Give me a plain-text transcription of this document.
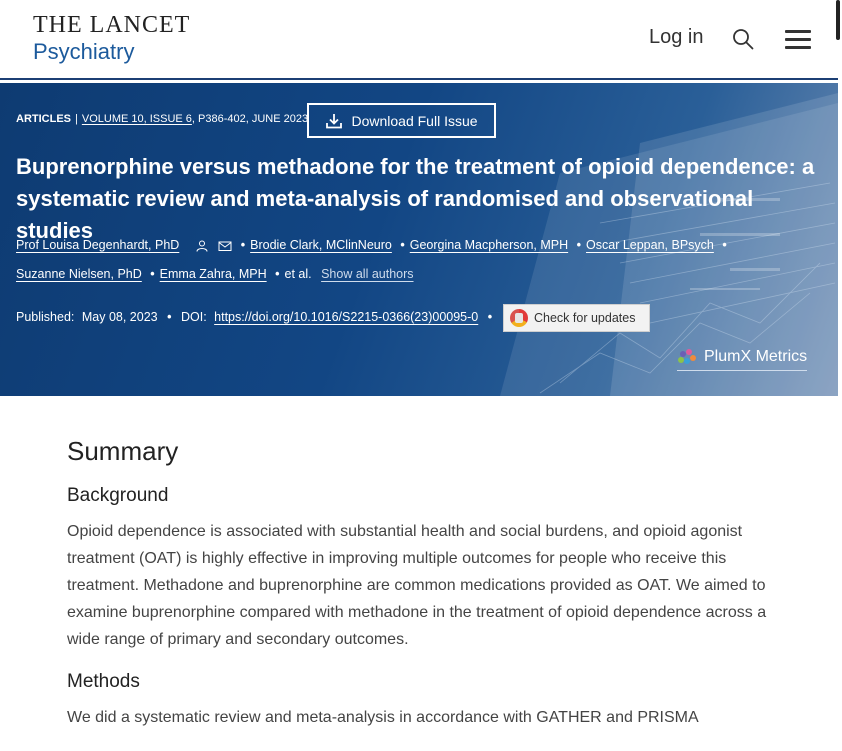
THE LANCET
Psychiatry
Log in
ARTICLES | VOLUME 10, ISSUE 6, P386-402, JUNE 2023	Download Full Issue
Buprenorphine versus methadone for the treatment of opioid dependence: a systematic review and meta-analysis of randomised and observational studies
Prof Louisa Degenhardt, PhD	• Brodie Clark, MClinNeuro • Georgina Macpherson, MPH • Oscar Leppan, BPsych •
Suzanne Nielsen, PhD • Emma Zahra, MPH • et al. Show all authors
Published: May 08, 2023 • DOI: https://doi.org/10.1016/S2215-0366(23)00095-0 •	Check for updates
PlumX Metrics
Summary
Background

Opioid dependence is associated with substantial health and social burdens, and opioid agonist treatment (OAT) is highly effective in improving multiple outcomes for people who receive this treatment. Methadone and buprenorphine are common medications provided as OAT. We aimed to examine buprenorphine compared with methadone in the treatment of opioid dependence across a wide range of primary and secondary outcomes.

Methods

We did a systematic review and meta-analysis in accordance with GATHER and PRISMA
